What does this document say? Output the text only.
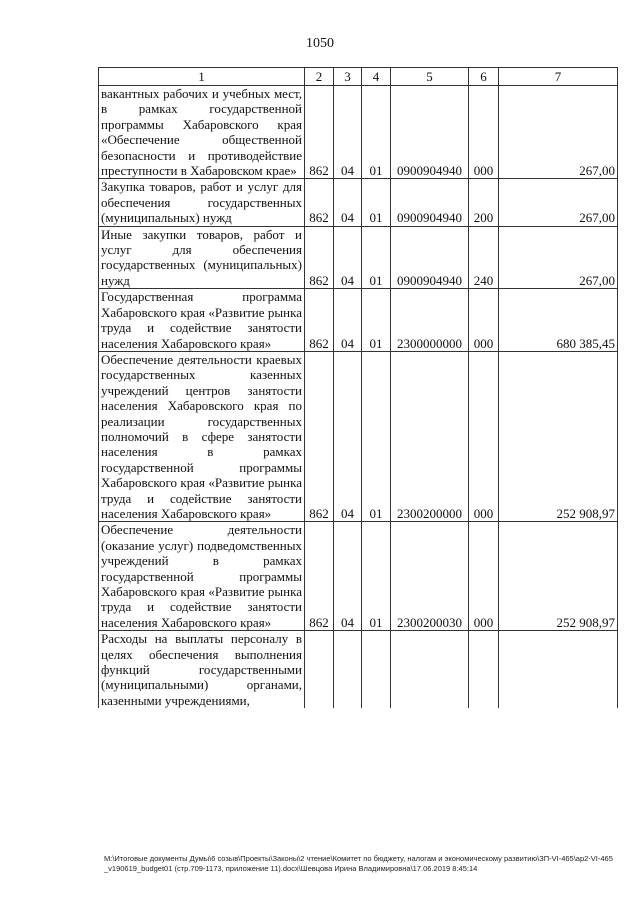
1050
1	2	3	4	5	6	7
вакантных рабочих и учебных мест, в рамках государственной программы Хабаровского края «Обеспечение общественной безопасности и противодействие преступности в Хабаровском крае»	862	04	01	0900904940	000	267,00
Закупка товаров, работ и услуг для обеспечения государственных (муниципальных) нужд	862	04	01	0900904940	200	267,00
Иные закупки товаров, работ и услуг для обеспечения государственных (муниципальных) нужд	862	04	01	0900904940	240	267,00
Государственная программа Хабаровского края «Развитие рынка труда и содействие занятости населения Хабаровского края»	862	04	01	2300000000	000	680 385,45
Обеспечение деятельности краевых государственных казенных учреждений центров занятости населения Хабаровского края по реализации государственных полномочий в сфере занятости населения в рамках государственной программы Хабаровского края «Развитие рынка труда и содействие занятости населения Хабаровского края»	862	04	01	2300200000	000	252 908,97
Обеспечение деятельности (оказание услуг) подведомственных учреждений в рамках государственной программы Хабаровского края «Развитие рынка труда и содействие занятости населения Хабаровского края»	862	04	01	2300200030	000	252 908,97
Расходы на выплаты персоналу в целях обеспечения выполнения функций государственными (муниципальными) органами, казенными учреждениями,						
M:\Итоговые документы Думы\6 созыв\Проекты\Законы\2 чтение\Комитет по бюджету, налогам и экономическому развитию\ЗП-VI-465\ap2-VI-465_v190619_budget01 (стр.709-1173, приложение 11).docx\Шевцова Ирина Владимировна\17.06.2019 8:45:14
